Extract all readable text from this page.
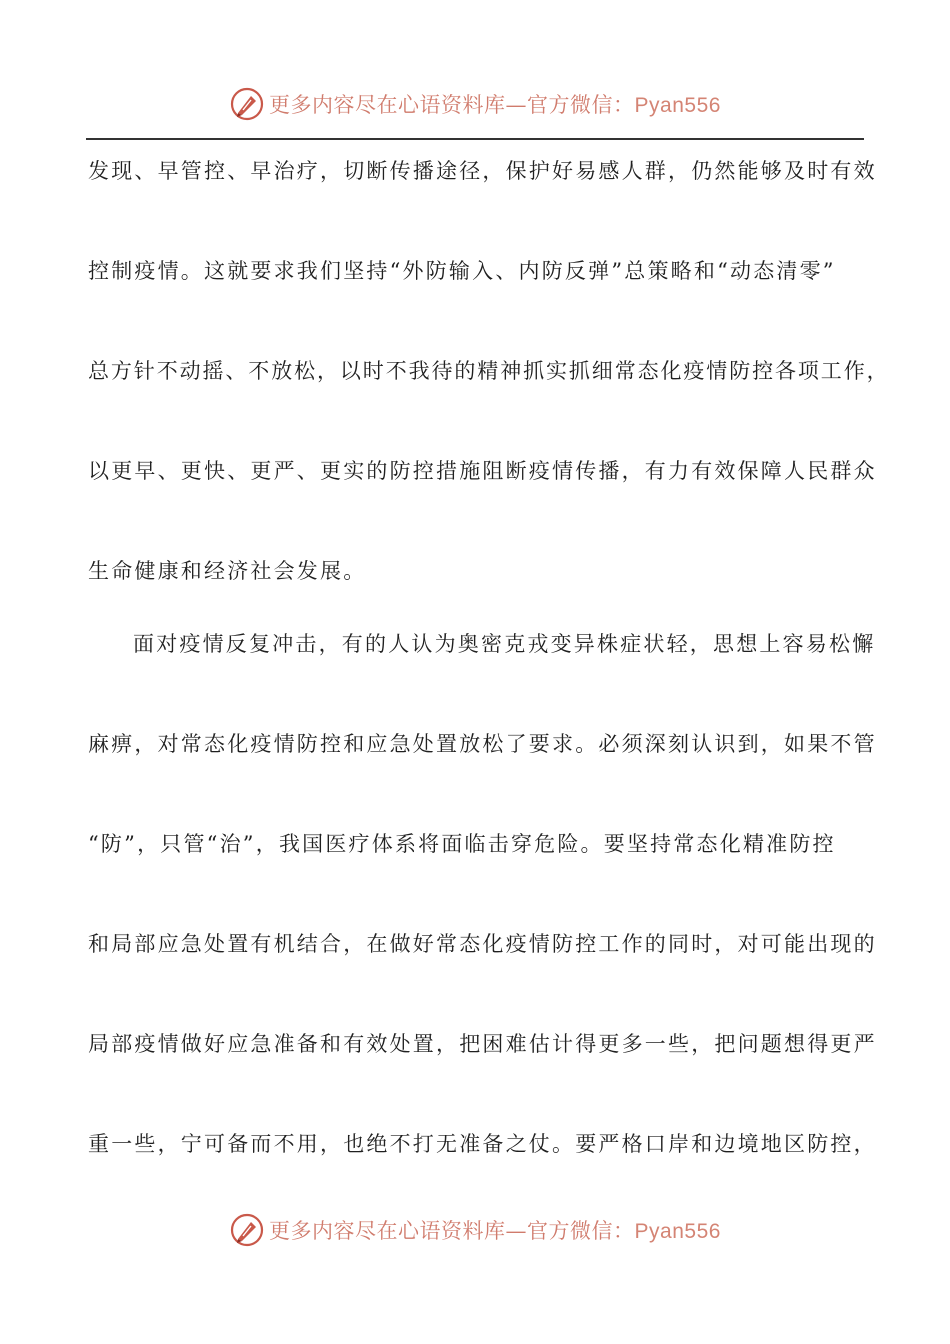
更多内容尽在心语资料库—官方微信：Pyan556
发现、早管控、早治疗，切断传播途径，保护好易感人群，仍然能够及时有效
控制疫情。这就要求我们坚持“外防输入、内防反弹”总策略和“动态清零”
总方针不动摇、不放松，以时不我待的精神抓实抓细常态化疫情防控各项工作，
以更早、更快、更严、更实的防控措施阻断疫情传播，有力有效保障人民群众
生命健康和经济社会发展。
面对疫情反复冲击，有的人认为奥密克戎变异株症状轻，思想上容易松懈
麻痹，对常态化疫情防控和应急处置放松了要求。必须深刻认识到，如果不管
“防”，只管“治”，我国医疗体系将面临击穿危险。要坚持常态化精准防控
和局部应急处置有机结合，在做好常态化疫情防控工作的同时，对可能出现的
局部疫情做好应急准备和有效处置，把困难估计得更多一些，把问题想得更严
重一些，宁可备而不用，也绝不打无准备之仗。要严格口岸和边境地区防控，
更多内容尽在心语资料库—官方微信：Pyan556
